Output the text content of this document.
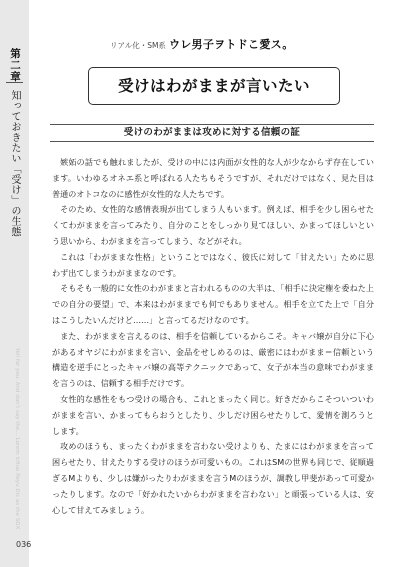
第二章
知っておきたい「受け」の生態
Yell for you. And don't say the… Lorem lcfiue fleyu Dic as the SDX
リアル化・SM系 ウレ男子ヲトドこ愛ス。
受けはわがままが言いたい
受けのわがままは攻めに対する信頼の証

嫉妬の話でも触れましたが、受けの中には内面が女性的な人が少なからず存在しています。いわゆるオネエ系と呼ばれる人たちもそうですが、それだけではなく、見た目は普通のオトコなのに感性が女性的な人たちです。

そのため、女性的な感情表現が出てしまう人もいます。例えば、相手を少し困らせたくてわがままを言ってみたり、自分のことをしっかり見てほしい、かまってほしいという思いから、わがままを言ってしまう、などがそれ。

これは「わがままな性格」ということではなく、彼氏に対して「甘えたい」ために思わず出てしまうわがままなのです。

そもそも一般的に女性のわがままと言われるものの大半は、「相手に決定権を委ねた上での自分の要望」で、本来はわがままでも何でもありません。相手を立てた上で「自分はこうしたいんだけど……」と言ってるだけなのです。

また、わがままを言えるのは、相手を信頼しているからこそ。キャバ嬢が自分に下心があるオヤジにわがままを言い、金品をせしめるのは、厳密にはわがまま＝信頼という構造を逆手にとったキャバ嬢の高等テクニックであって、女子が本当の意味でわがままを言うのは、信頼する相手だけです。

女性的な感性をもつ受けの場合も、これとまったく同じ。好きだからこそついついわがままを言い、かまってもらおうとしたり、少しだけ困らせたりして、愛情を測ろうとします。

攻めのほうも、まったくわがままを言わない受けよりも、たまにはわがままを言って困らせたり、甘えたりする受けのほうが可愛いもの。これはSMの世界も同じで、従順過ぎるMよりも、少しは嫌がったりわがままを言うMのほうが、調教し甲斐があって可愛かったりします。なので「好かれたいからわがままを言わない」と頑張っている人は、安心して甘えてみましょう。

036
